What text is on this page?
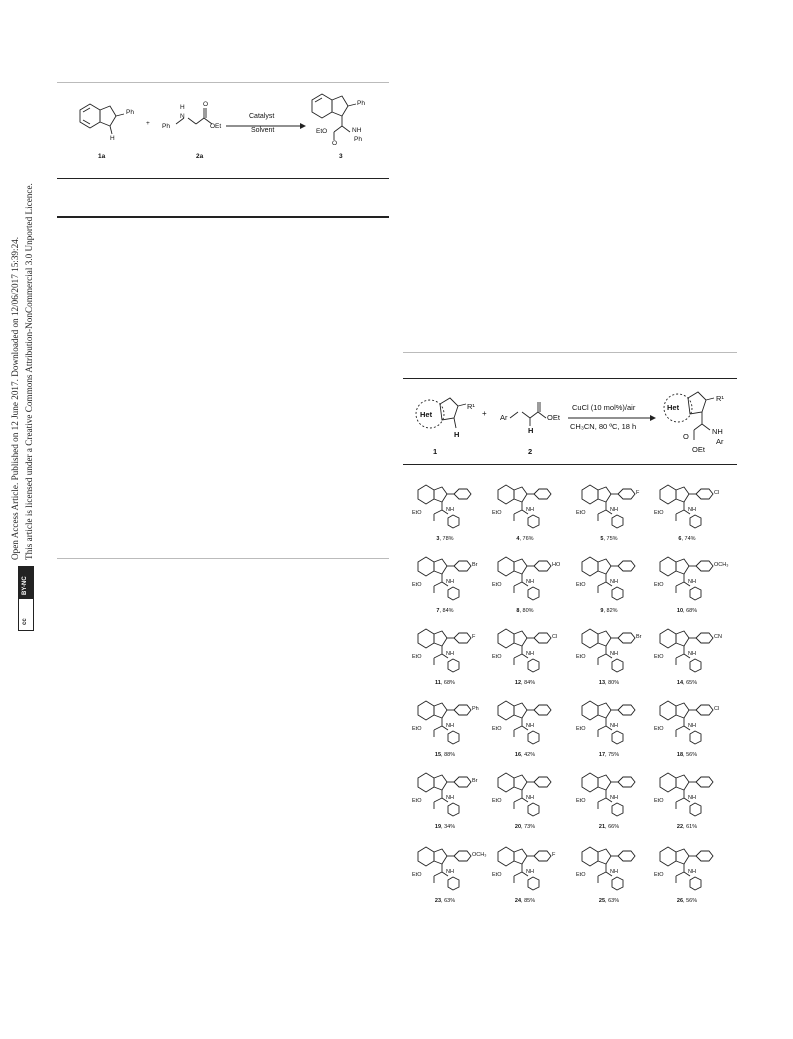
Open Access Article. Published on 12 June 2017. Downloaded on 12/06/2017 15:39:24. This article is licensed under a Creative Commons Attribution-NonCommercial 3.0 Unported Licence.
BY-NC
cc
Ph
H
1a
+ Ph
N
H	O
OEt
2a
Catalyst
Solvent
Ph
EtO	NH
Ph
O
3
Het
R¹
H
1
+ Ar	OEt
H
2
CuCl (10 mol%)/air
CH₃CN, 80 ºC, 18 h
Het
R¹
NH
Ar
O
OEt
EtO	NH
3, 78%
EtO	NH
4, 76%
EtO	NH
F
5, 75%
EtO	NH
Cl
6, 74%
EtO	NH
Br
7, 84%
EtO	NH
HO
8, 80%
EtO	NH
9, 82%
EtO	NH
OCH₃
10, 68%
EtO	NH
F
11, 68%
EtO	NH
Cl
12, 84%
EtO	NH
Br
13, 80%
EtO	NH
CN
14, 65%
EtO	NH
Ph
15, 88%
EtO	NH
16, 42%
EtO	NH
17, 75%
EtO	NH
Cl
18, 56%
EtO	NH
Br
19, 34%
EtO	NH
20, 73%
EtO	NH
21, 66%
EtO	NH
22, 61%
EtO	NH
OCH₃
23, 63%
EtO	NH
F
24, 85%
EtO	NH
25, 63%
EtO	NH
26, 56%
